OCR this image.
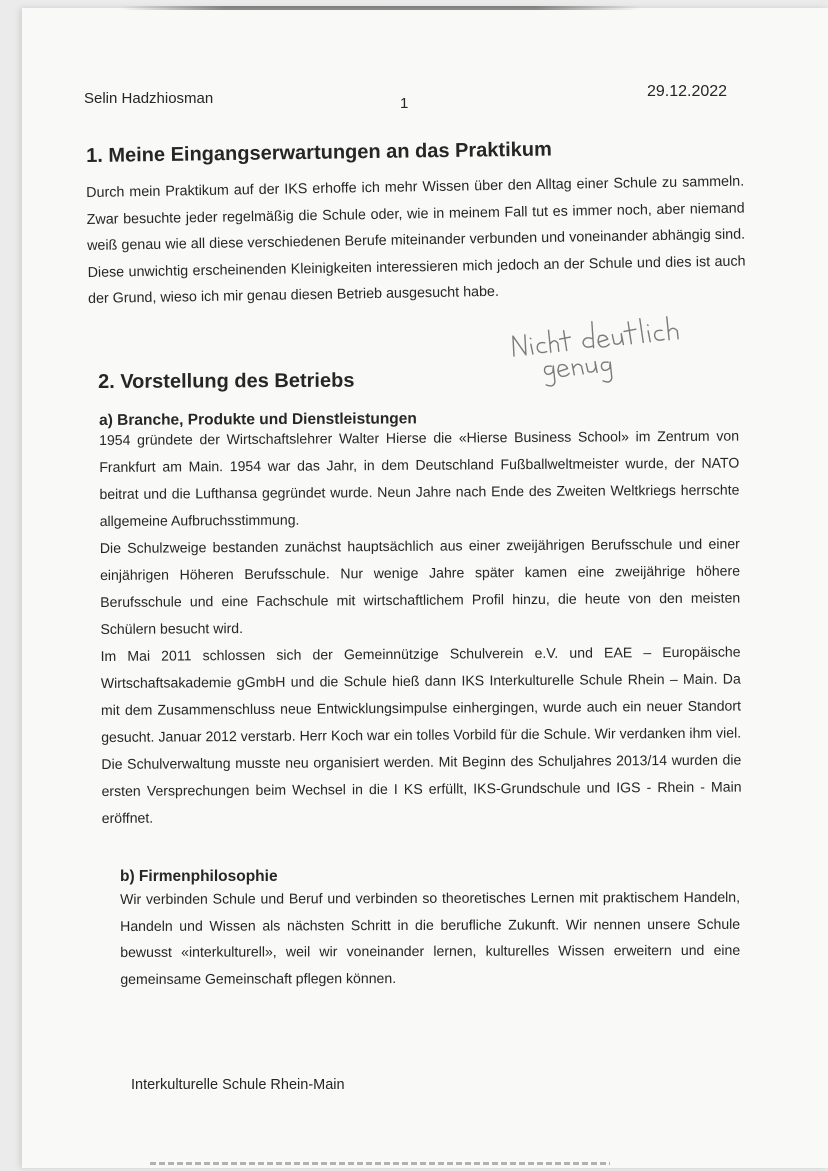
Selin Hadzhiosman	1
29.12.2022
1. Meine Eingangserwartungen an das Praktikum
Durch mein Praktikum auf der IKS erhoffe ich mehr Wissen über den Alltag einer Schule zu sammeln. Zwar besuchte jeder regelmäßig die Schule oder, wie in meinem Fall tut es immer noch, aber niemand weiß genau wie all diese verschiedenen Berufe miteinander verbunden und voneinander abhängig sind. Diese unwichtig erscheinenden Kleinigkeiten interessieren mich jedoch an der Schule und dies ist auch der Grund, wieso ich mir genau diesen Betrieb ausgesucht habe.
2. Vorstellung des Betriebs
a) Branche, Produkte und Dienstleistungen
1954 gründete der Wirtschaftslehrer Walter Hierse die «Hierse Business School» im Zentrum von Frankfurt am Main. 1954 war das Jahr, in dem Deutschland Fußballweltmeister wurde, der NATO beitrat und die Lufthansa gegründet wurde. Neun Jahre nach Ende des Zweiten Weltkriegs herrschte allgemeine Aufbruchsstimmung.
Die Schulzweige bestanden zunächst hauptsächlich aus einer zweijährigen Berufsschule und einer einjährigen Höheren Berufsschule. Nur wenige Jahre später kamen eine zweijährige höhere Berufsschule und eine Fachschule mit wirtschaftlichem Profil hinzu, die heute von den meisten Schülern besucht wird.
Im Mai 2011 schlossen sich der Gemeinnützige Schulverein e.V. und EAE – Europäische Wirtschaftsakademie gGmbH und die Schule hieß dann IKS Interkulturelle Schule Rhein – Main. Da mit dem Zusammenschluss neue Entwicklungsimpulse einhergingen, wurde auch ein neuer Standort gesucht. Januar 2012 verstarb. Herr Koch war ein tolles Vorbild für die Schule. Wir verdanken ihm viel. Die Schulverwaltung musste neu organisiert werden. Mit Beginn des Schuljahres 2013/14 wurden die ersten Versprechungen beim Wechsel in die I KS erfüllt, IKS-Grundschule und IGS - Rhein - Main eröffnet.
b) Firmenphilosophie
Wir verbinden Schule und Beruf und verbinden so theoretisches Lernen mit praktischem Handeln, Handeln und Wissen als nächsten Schritt in die berufliche Zukunft. Wir nennen unsere Schule bewusst «interkulturell», weil wir voneinander lernen, kulturelles Wissen erweitern und eine gemeinsame Gemeinschaft pflegen können.
Interkulturelle Schule Rhein-Main
